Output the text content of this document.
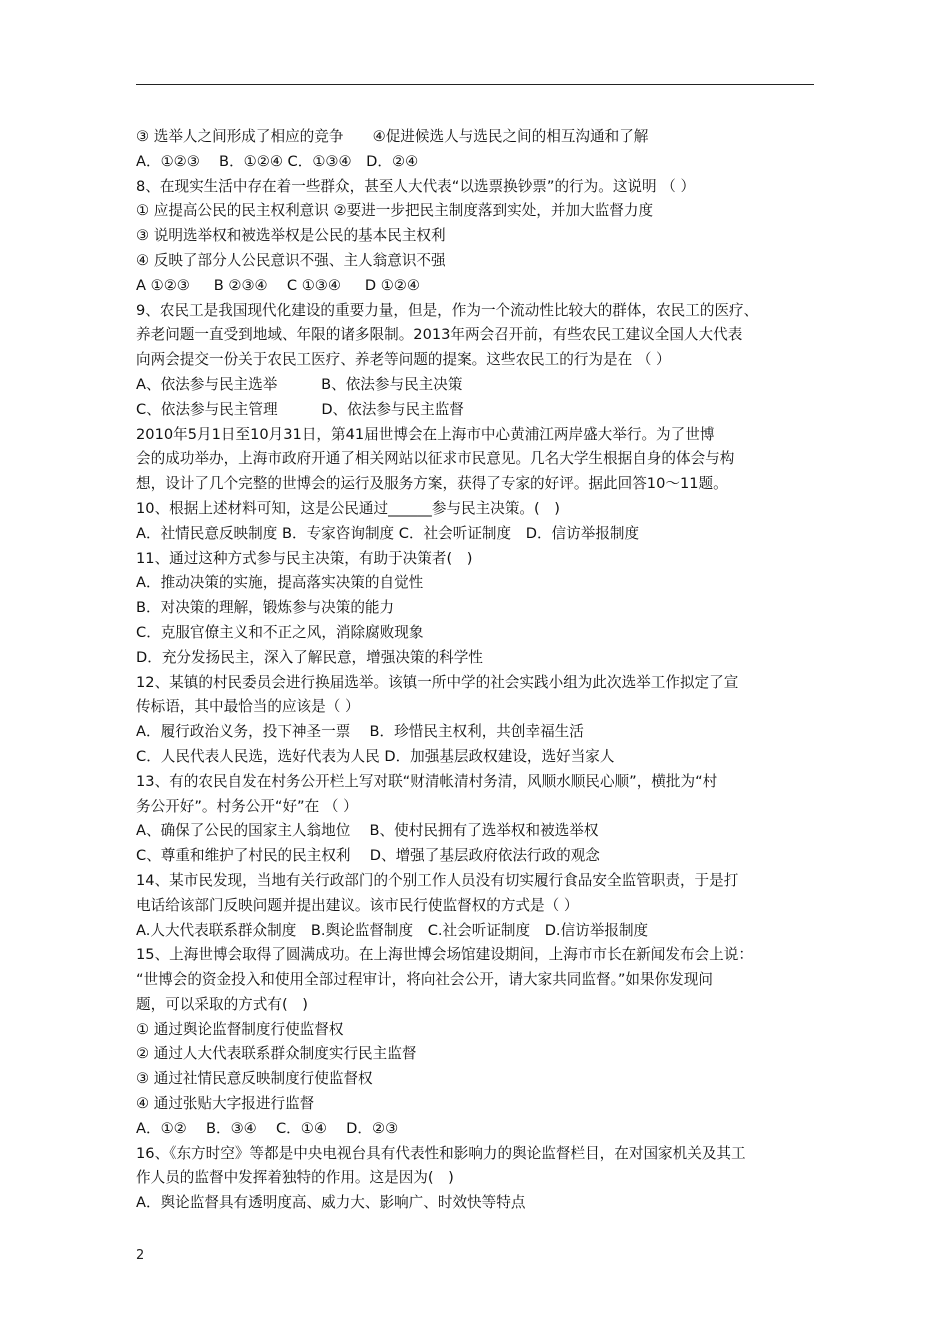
③ 选举人之间形成了相应的竞争　　④促进候选人与选民之间的相互沟通和了解
A．①②③　 B．①②④ C．①③④　D．②④
8、在现实生活中存在着一些群众，甚至人大代表“以选票换钞票”的行为。这说明 （ ）
① 应提高公民的民主权利意识 ②要进一步把民主制度落到实处，并加大监督力度
③ 说明选举权和被选举权是公民的基本民主权利
④ 反映了部分人公民意识不强、主人翁意识不强
A ①②③ 　 B ②③④ 　C ①③④ 　 D ①②④
9、农民工是我国现代化建设的重要力量，但是，作为一个流动性比较大的群体，农民工的医疗、
养老问题一直受到地域、年限的诸多限制。2013年两会召开前，有些农民工建议全国人大代表
向两会提交一份关于农民工医疗、养老等问题的提案。这些农民工的行为是在 （ ）
A、依法参与民主选举　　　B、依法参与民主决策
C、依法参与民主管理　　　D、依法参与民主监督
2010年5月1日至10月31日，第41届世博会在上海市中心黄浦江两岸盛大举行。为了世博
会的成功举办，上海市政府开通了相关网站以征求市民意见。几名大学生根据自身的体会与构
想，设计了几个完整的世博会的运行及服务方案，获得了专家的好评。据此回答10～11题。
10、根据上述材料可知，这是公民通过______参与民主决策。(　)
A．社情民意反映制度 B．专家咨询制度 C．社会听证制度　D．信访举报制度
11、通过这种方式参与民主决策，有助于决策者(　)
A．推动决策的实施，提高落实决策的自觉性
B．对决策的理解，锻炼参与决策的能力
C．克服官僚主义和不正之风，消除腐败现象
D．充分发扬民主，深入了解民意，增强决策的科学性
12、某镇的村民委员会进行换届选举。该镇一所中学的社会实践小组为此次选举工作拟定了宣
传标语，其中最恰当的应该是（ ）
A．履行政治义务，投下神圣一票　 B．珍惜民主权利，共创幸福生活
C．人民代表人民选，选好代表为人民 D．加强基层政权建设，选好当家人
13、有的农民自发在村务公开栏上写对联“财清帐清村务清，风顺水顺民心顺”，横批为“村
务公开好”。村务公开“好”在 （ ）
A、确保了公民的国家主人翁地位　 B、使村民拥有了选举权和被选举权
C、尊重和维护了村民的民主权利　 D、增强了基层政府依法行政的观念
14、某市民发现，当地有关行政部门的个别工作人员没有切实履行食品安全监管职责，于是打
电话给该部门反映问题并提出建议。该市民行使监督权的方式是（ ）
A.人大代表联系群众制度　B.舆论监督制度　C.社会听证制度　D.信访举报制度
15、上海世博会取得了圆满成功。在上海世博会场馆建设期间，上海市市长在新闻发布会上说：
“世博会的资金投入和使用全部过程审计，将向社会公开，请大家共同监督。”如果你发现问
题，可以采取的方式有(　)
① 通过舆论监督制度行使监督权
② 通过人大代表联系群众制度实行民主监督
③ 通过社情民意反映制度行使监督权
④ 通过张贴大字报进行监督
A．①②　 B．③④　 C．①④　 D．②③
16、《东方时空》等都是中央电视台具有代表性和影响力的舆论监督栏目，在对国家机关及其工
作人员的监督中发挥着独特的作用。这是因为(　)
A．舆论监督具有透明度高、威力大、影响广、时效快等特点
2
